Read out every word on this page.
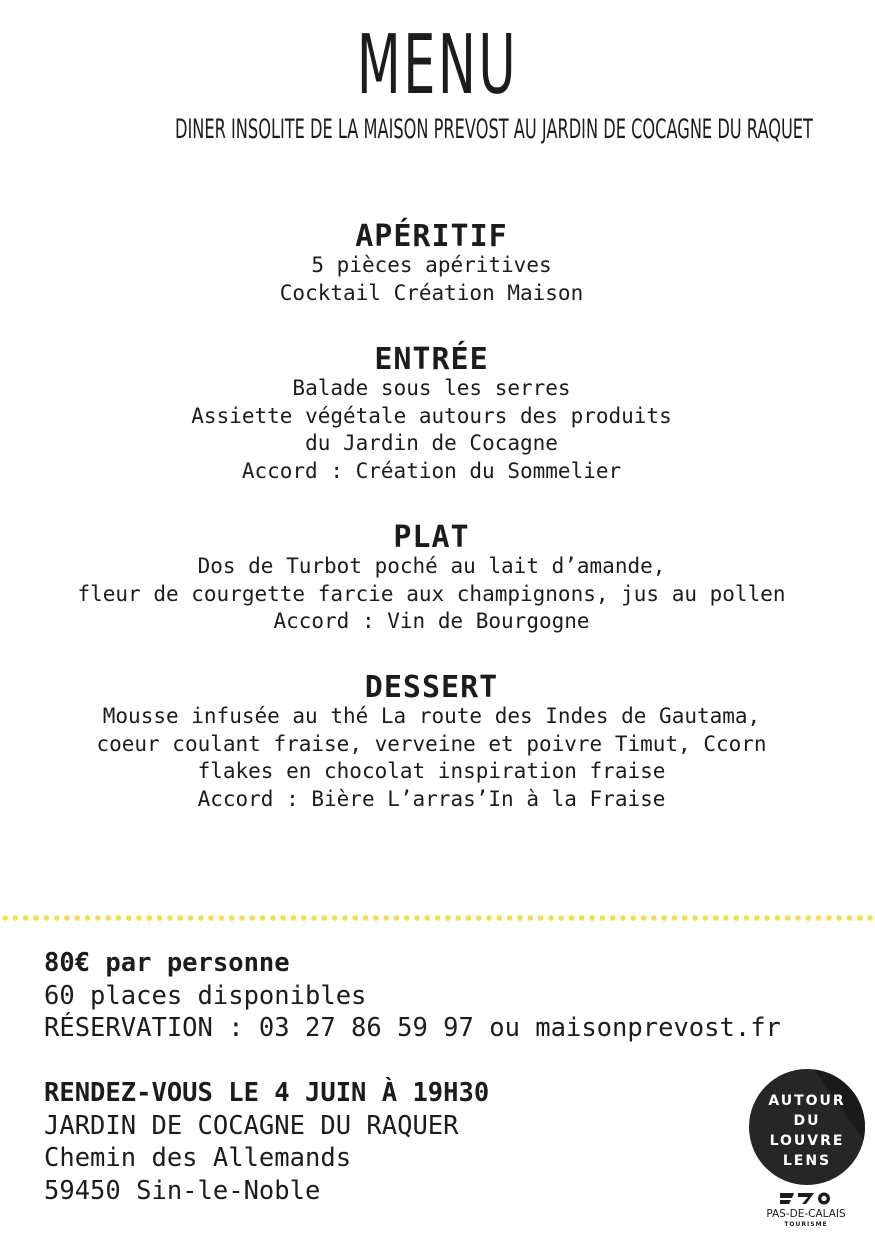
MENU
DINER INSOLITE DE LA MAISON PREVOST AU JARDIN DE COCAGNE DU RAQUET
APÉRITIF
5 pièces apéritives
Cocktail Création Maison
ENTRÉE
Balade sous les serres
Assiette végétale autours des produits
du Jardin de Cocagne
Accord : Création du Sommelier
PLAT
Dos de Turbot poché au lait d’amande,
fleur de courgette farcie aux champignons, jus au pollen
Accord : Vin de Bourgogne
DESSERT
Mousse infusée au thé La route des Indes de Gautama,
coeur coulant fraise, verveine et poivre Timut, Ccorn
flakes en chocolat inspiration fraise
Accord : Bière L’arras’In à la Fraise
80€ par personne
60 places disponibles
RÉSERVATION : 03 27 86 59 97 ou maisonprevost.fr
RENDEZ-VOUS LE 4 JUIN À 19H30
JARDIN DE COCAGNE DU RAQUER
Chemin des Allemands
59450 Sin-le-Noble
AUTOUR
DU
LOUVRE
LENS
PAS-DE-CALAIS
TOURISME
